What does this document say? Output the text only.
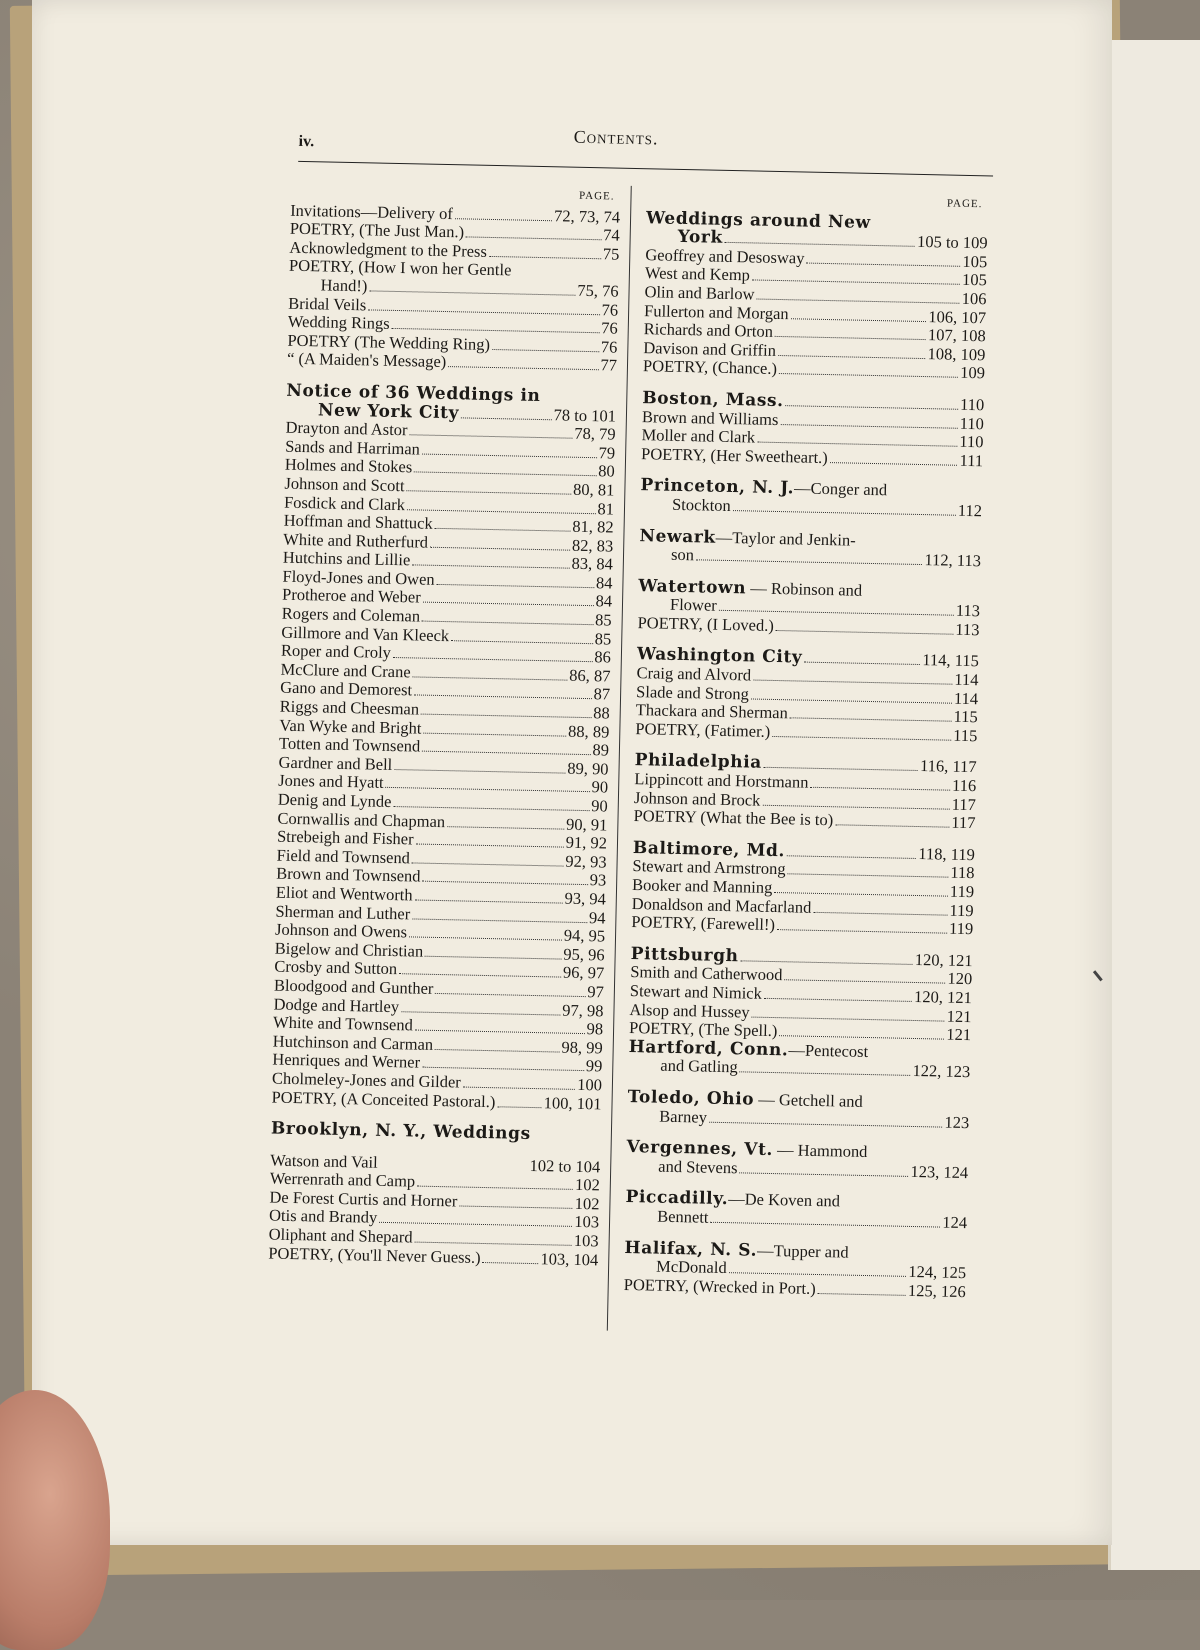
iv.	Contents.
PAGE.
Invitations—Delivery of	72, 73, 74
POETRY, (The Just Man.)	74
Acknowledgment to the Press	75
POETRY, (How I won her Gentle
Hand!)	75, 76
Bridal Veils	76
Wedding Rings	76
POETRY (The Wedding Ring)	76
“ (A Maiden's Message)	77
Notice of 36 Weddings in
New York City	78 to 101
Drayton and Astor	78, 79
Sands and Harriman	79
Holmes and Stokes	80
Johnson and Scott	80, 81
Fosdick and Clark	81
Hoffman and Shattuck	81, 82
White and Rutherfurd	82, 83
Hutchins and Lillie	83, 84
Floyd-Jones and Owen	84
Protheroe and Weber	84
Rogers and Coleman	85
Gillmore and Van Kleeck	85
Roper and Croly	86
McClure and Crane	86, 87
Gano and Demorest	87
Riggs and Cheesman	88
Van Wyke and Bright	88, 89
Totten and Townsend	89
Gardner and Bell	89, 90
Jones and Hyatt	90
Denig and Lynde	90
Cornwallis and Chapman	90, 91
Strebeigh and Fisher	91, 92
Field and Townsend	92, 93
Brown and Townsend	93
Eliot and Wentworth	93, 94
Sherman and Luther	94
Johnson and Owens	94, 95
Bigelow and Christian	95, 96
Crosby and Sutton	96, 97
Bloodgood and Gunther	97
Dodge and Hartley	97, 98
White and Townsend	98
Hutchinson and Carman	98, 99
Henriques and Werner	99
Cholmeley-Jones and Gilder	100
POETRY, (A Conceited Pastoral.)	100, 101
Brooklyn, N. Y., Weddings
Watson and Vail	102 to 104
Werrenrath and Camp	102
De Forest Curtis and Horner	102
Otis and Brandy	103
Oliphant and Shepard	103
POETRY, (You'll Never Guess.)	103, 104
PAGE.
Weddings around New
York	105 to 109
Geoffrey and Desosway	105
West and Kemp	105
Olin and Barlow	106
Fullerton and Morgan	106, 107
Richards and Orton	107, 108
Davison and Griffin	108, 109
POETRY, (Chance.)	109
Boston, Mass.	110
Brown and Williams	110
Moller and Clark	110
POETRY, (Her Sweetheart.)	111
Princeton, N. J.—Conger and
Stockton	112
Newark—Taylor and Jenkin-
son	112, 113
Watertown — Robinson and
Flower	113
POETRY, (I Loved.)	113
Washington City	114, 115
Craig and Alvord	114
Slade and Strong	114
Thackara and Sherman	115
POETRY, (Fatimer.)	115
Philadelphia	116, 117
Lippincott and Horstmann	116
Johnson and Brock	117
POETRY (What the Bee is to)	117
Baltimore, Md.	118, 119
Stewart and Armstrong	118
Booker and Manning	119
Donaldson and Macfarland	119
POETRY, (Farewell!)	119
Pittsburgh	120, 121
Smith and Catherwood	120
Stewart and Nimick	120, 121
Alsop and Hussey	121
POETRY, (The Spell.)	121
Hartford, Conn.—Pentecost
and Gatling	122, 123
Toledo, Ohio — Getchell and
Barney	123
Vergennes, Vt. — Hammond
and Stevens	123, 124
Piccadilly.—De Koven and
Bennett	124
Halifax, N. S.—Tupper and
McDonald	124, 125
POETRY, (Wrecked in Port.)	125, 126
